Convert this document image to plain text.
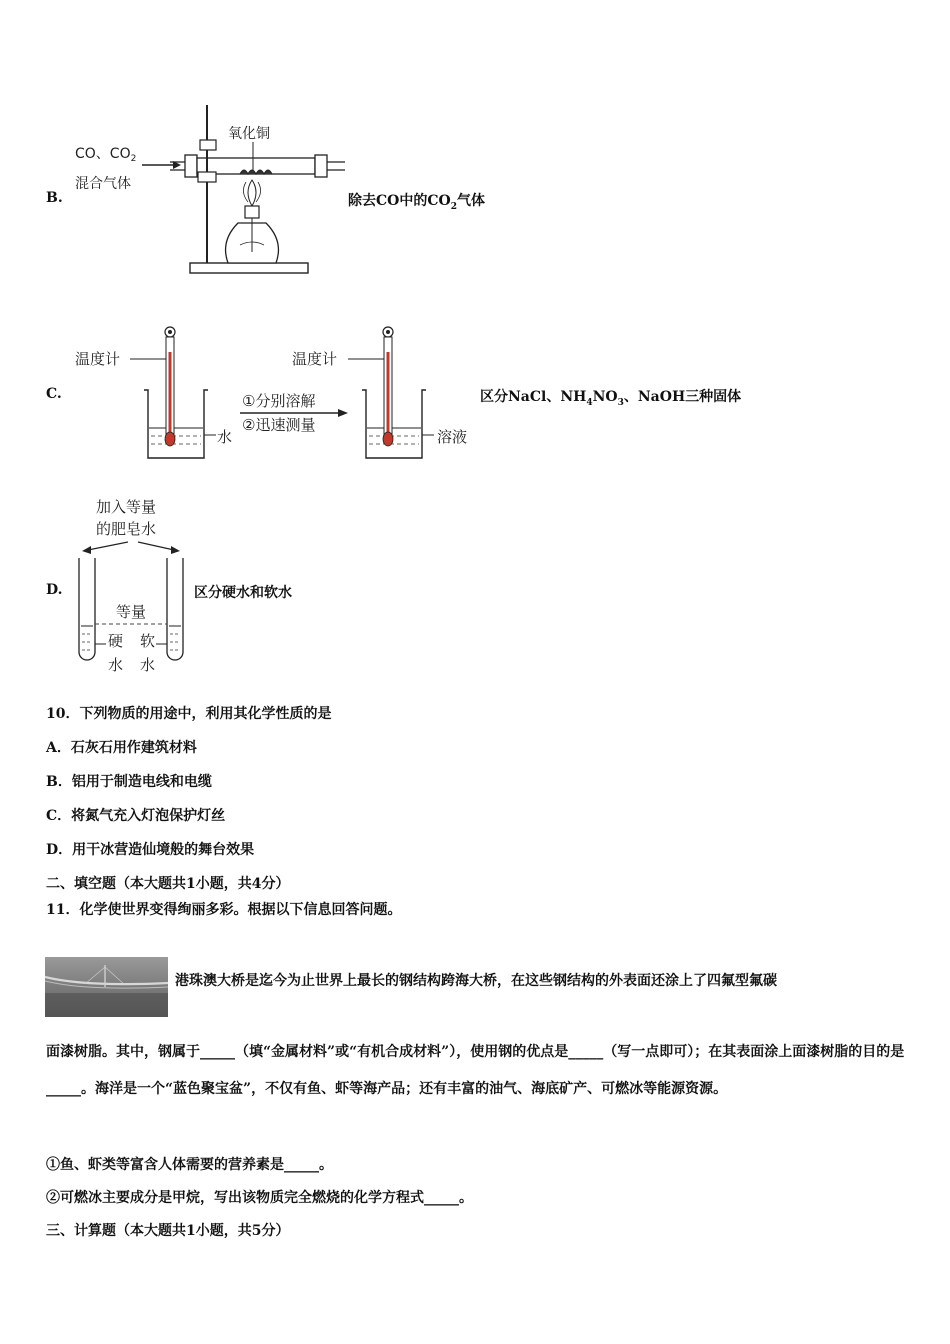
B.
CO、$CO_2$
混合气体
氧化铜
除去CO中的$CO_2$气体
C.
温度计
水
①分别溶解
②迅速测量
温度计
溶液
区分NaCl、$NH_4NO_3$、NaOH三种固体
D.
加入等量
的肥皂水
等量
硬
水
软
水
区分硬水和软水
10．下列物质的用途中，利用其化学性质的是
A．石灰石用作建筑材料
B．铝用于制造电线和电缆
C．将氮气充入灯泡保护灯丝
D．用干冰营造仙境般的舞台效果
二、填空题（本大题共1小题，共4分）
11．化学使世界变得绚丽多彩。根据以下信息回答问题。
港珠澳大桥是迄今为止世界上最长的钢结构跨海大桥，在这些钢结构的外表面还涂上了四氟型氟碳
面漆树脂。其中，钢属于_____（填“金属材料”或“有机合成材料”），使用钢的优点是_____（写一点即可）；在其表面涂上面漆树脂的目的是_____。海洋是一个“蓝色聚宝盆”，不仅有鱼、虾等海产品；还有丰富的油气、海底矿产、可燃冰等能源资源。
①鱼、虾类等富含人体需要的营养素是_____。
②可燃冰主要成分是甲烷，写出该物质完全燃烧的化学方程式_____。
三、计算题（本大题共1小题，共5分）
